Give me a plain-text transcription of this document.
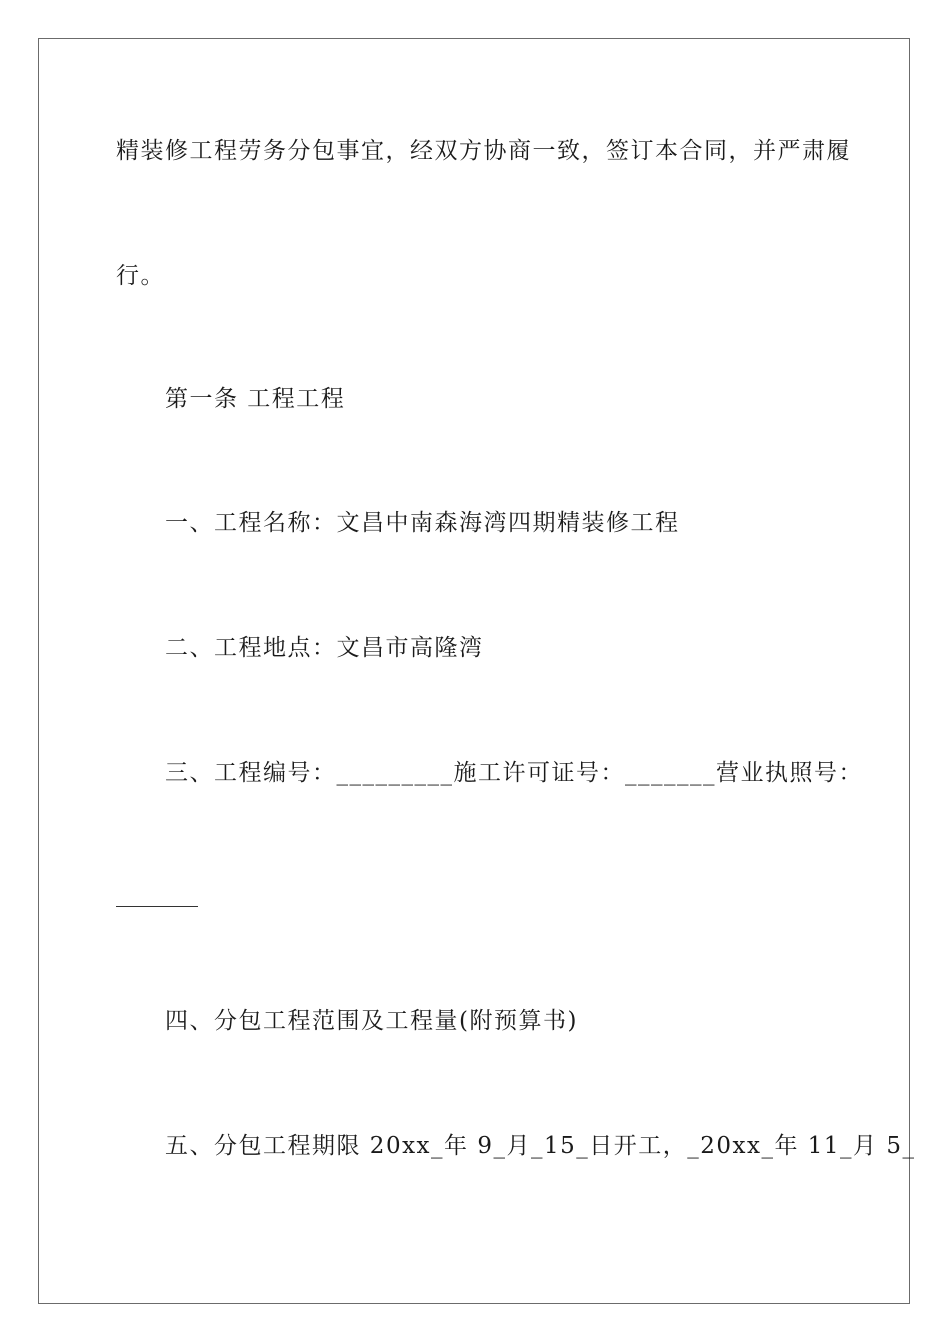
精装修工程劳务分包事宜，经双方协商一致，签订本合同，并严肃履
行。
第一条 工程工程
一、工程名称：文昌中南森海湾四期精装修工程
二、工程地点：文昌市高隆湾
三、工程编号：_________施工许可证号：_______营业执照号：
四、分包工程范围及工程量(附预算书)
五、分包工程期限 20xx_年 9_月_15_日开工，_20xx_年 11_月 5_
